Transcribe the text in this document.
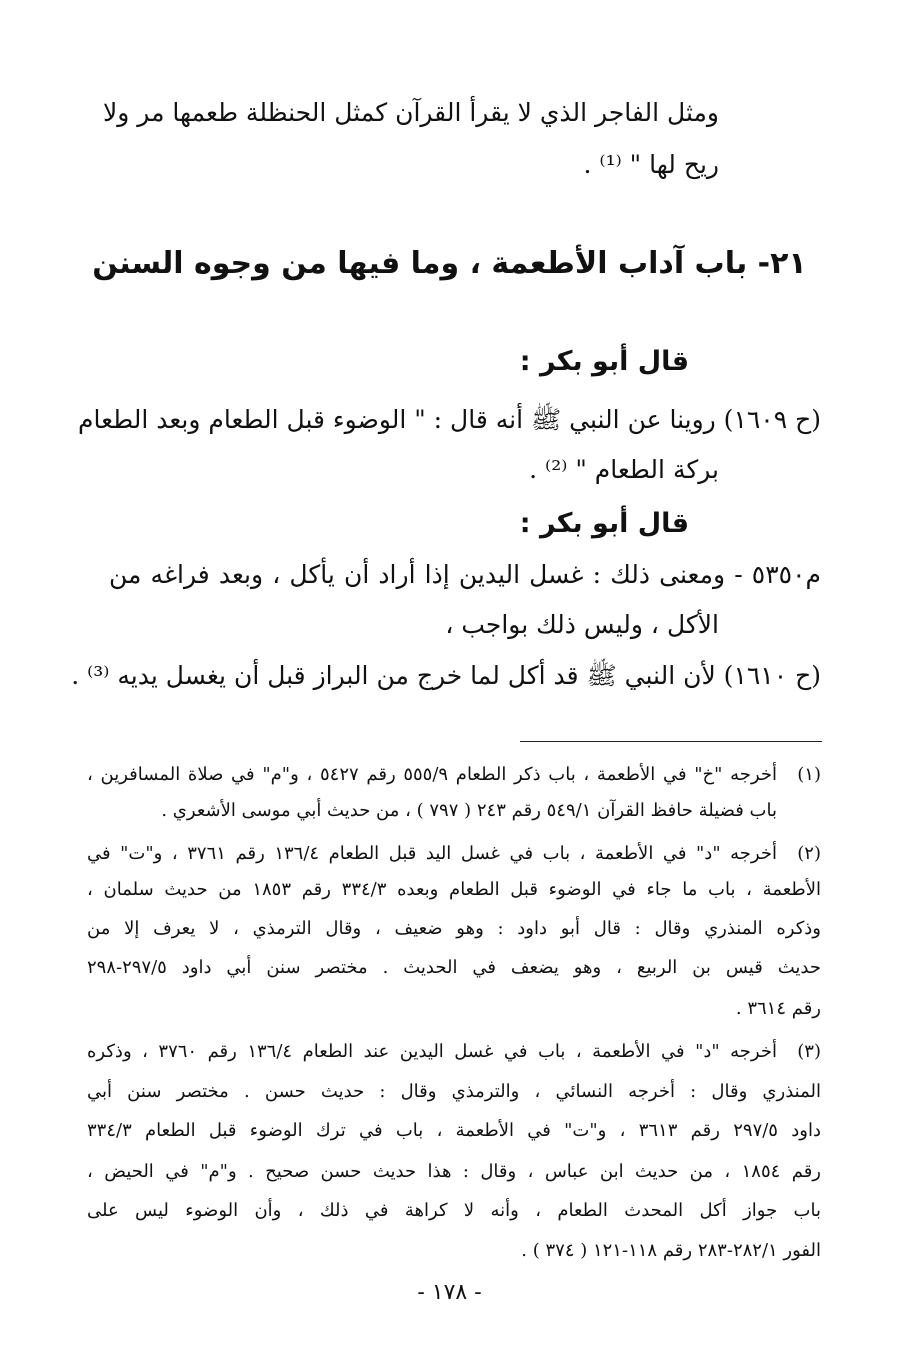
ومثل الفاجر الذي لا يقرأ القرآن كمثل الحنظلة طعمها مر ولا
ريح لها " ⁽¹⁾ .
٢١- باب آداب الأطعمة ، وما فيها من وجوه السنن
قال أبو بكر :
(ح ١٦٠٩) روينا عن النبي ﷺ أنه قال : " الوضوء قبل الطعام وبعد الطعام
بركة الطعام " ⁽²⁾ .
قال أبو بكر :
م٥٣٥٠ - ومعنى ذلك : غسل اليدين إذا أراد أن يأكل ، وبعد فراغه من
الأكل ، وليس ذلك بواجب ،
(ح ١٦١٠) لأن النبي ﷺ قد أكل لما خرج من البراز قبل أن يغسل يديه ⁽³⁾ .
(١)
أخرجه "خ" في الأطعمة ، باب ذكر الطعام ٥٥٥/٩ رقم ٥٤٢٧ ، و"م" في صلاة المسافرين ،
باب فضيلة حافظ القرآن ٥٤٩/١ رقم ٢٤٣ ( ٧٩٧ ) ، من حديث أبي موسى الأشعري .
(٢)
أخرجه "د" في الأطعمة ، باب في غسل اليد قبل الطعام ١٣٦/٤ رقم ٣٧٦١ ، و"ت" في
الأطعمة ، باب ما جاء في الوضوء قبل الطعام وبعده ٣٣٤/٣ رقم ١٨٥٣ من حديث سلمان ،
وذكره المنذري وقال : قال أبو داود : وهو ضعيف ، وقال الترمذي ، لا يعرف إلا من
حديث قيس بن الربيع ، وهو يضعف في الحديث . مختصر سنن أبي داود ٢٩٧/٥-٢٩٨
رقم ٣٦١٤ .
(٣)
أخرجه "د" في الأطعمة ، باب في غسل اليدين عند الطعام ١٣٦/٤ رقم ٣٧٦٠ ، وذكره
المنذري وقال : أخرجه النسائي ، والترمذي وقال : حديث حسن . مختصر سنن أبي
داود ٢٩٧/٥ رقم ٣٦١٣ ، و"ت" في الأطعمة ، باب في ترك الوضوء قبل الطعام ٣٣٤/٣
رقم ١٨٥٤ ، من حديث ابن عباس ، وقال : هذا حديث حسن صحيح . و"م" في الحيض ،
باب جواز أكل المحدث الطعام ، وأنه لا كراهة في ذلك ، وأن الوضوء ليس على
الفور ٢٨٢/١-٢٨٣ رقم ١١٨-١٢١ ( ٣٧٤ ) .
- ١٧٨ -
